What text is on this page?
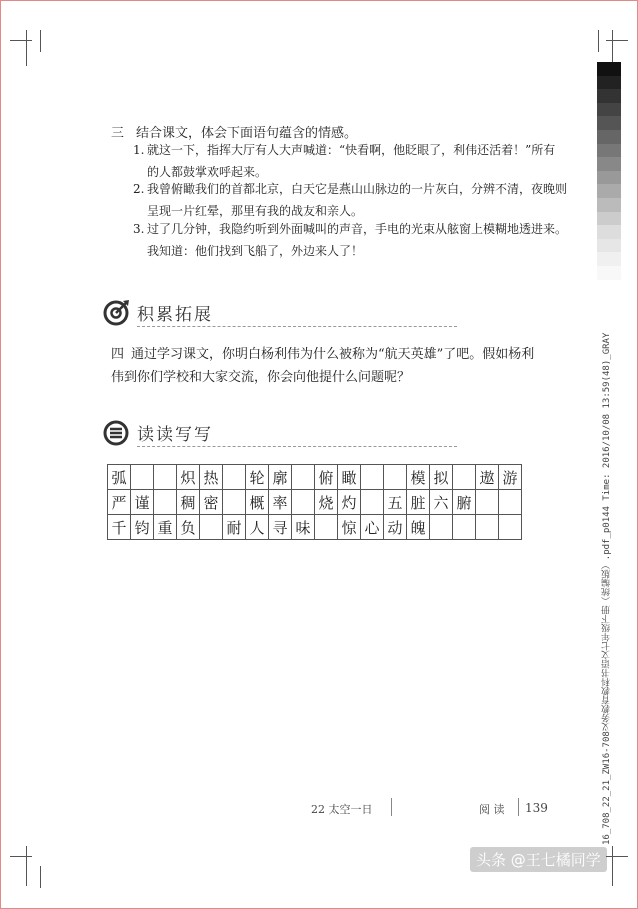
16_708_22_21_ZW16-708义务教育教科书语文七年级下册（统编版）.pdf_p0144 Time: 2016/10/08 13:59(48)_GRAY
三 结合课文，体会下面语句蕴含的情感。
1. 就这一下，指挥大厅有人大声喊道：“快看啊，他眨眼了，利伟还活着！”所有
的人都鼓掌欢呼起来。
2. 我曾俯瞰我们的首都北京，白天它是燕山山脉边的一片灰白，分辨不清，夜晚则
呈现一片红晕，那里有我的战友和亲人。
3. 过了几分钟，我隐约听到外面喊叫的声音，手电的光束从舷窗上模糊地透进来。
我知道：他们找到飞船了，外边来人了！
积累拓展
四 通过学习课文，你明白杨利伟为什么被称为“航天英雄”了吧。假如杨利
伟到你们学校和大家交流，你会向他提什么问题呢？
读读写写
弧			炽	热		轮	廓		俯	瞰			模	拟		遨	游
严	谨		稠	密		概	率		烧	灼		五	脏	六	腑		
千	钧	重	负		耐	人	寻	味		惊	心	动	魄				
22 太空一日	阅 读 139
头条 @王七橘同学
